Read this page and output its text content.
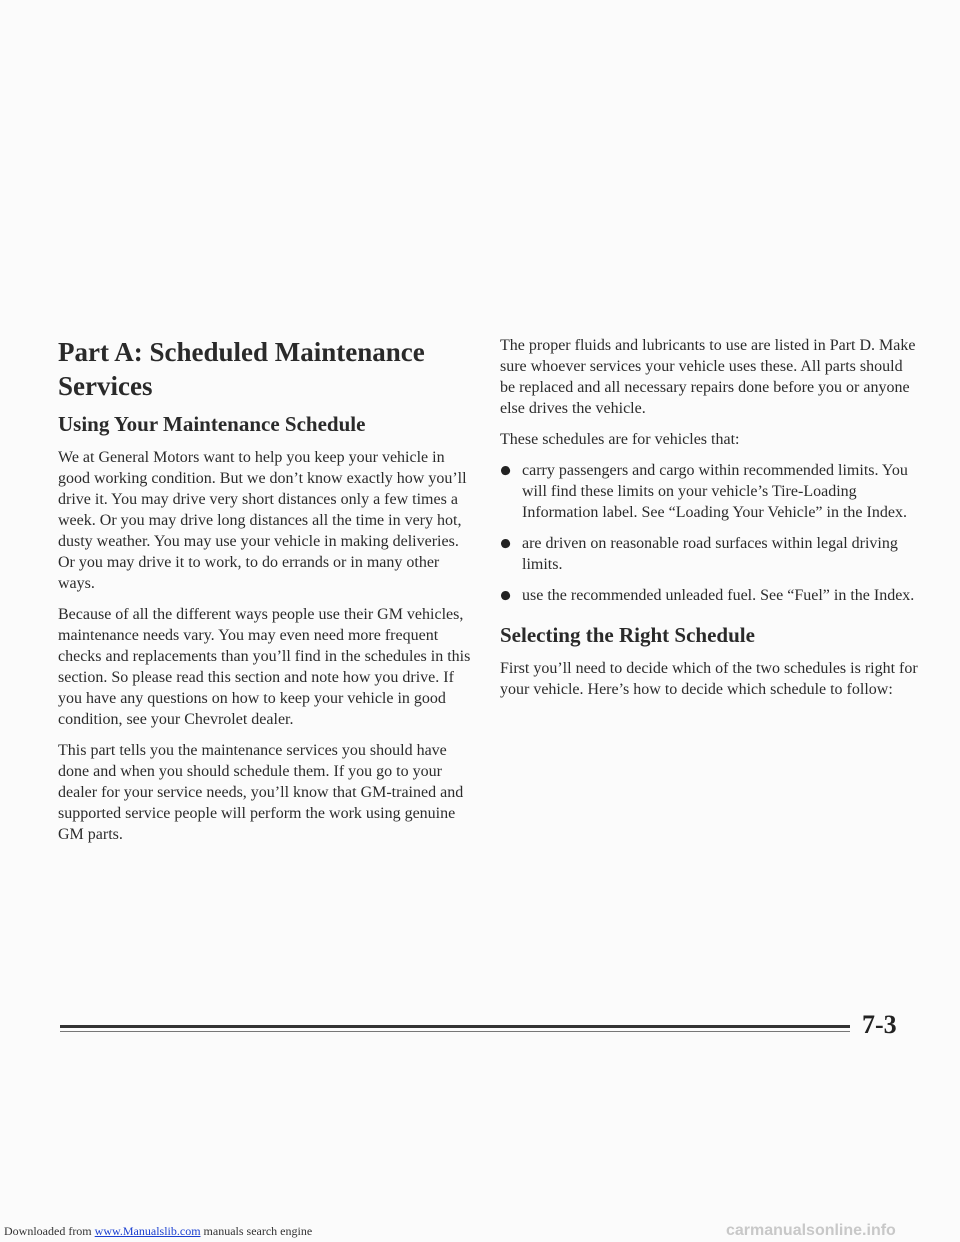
Part A: Scheduled Maintenance Services
Using Your Maintenance Schedule

We at General Motors want to help you keep your vehicle in good working condition. But we don’t know exactly how you’ll drive it. You may drive very short distances only a few times a week. Or you may drive long distances all the time in very hot, dusty weather. You may use your vehicle in making deliveries. Or you may drive it to work, to do errands or in many other ways.

Because of all the different ways people use their GM vehicles, maintenance needs vary. You may even need more frequent checks and replacements than you’ll find in the schedules in this section. So please read this section and note how you drive. If you have any questions on how to keep your vehicle in good condition, see your Chevrolet dealer.

This part tells you the maintenance services you should have done and when you should schedule them. If you go to your dealer for your service needs, you’ll know that GM-trained and supported service people will perform the work using genuine GM parts.

The proper fluids and lubricants to use are listed in Part D. Make sure whoever services your vehicle uses these. All parts should be replaced and all necessary repairs done before you or anyone else drives the vehicle.

These schedules are for vehicles that:

carry passengers and cargo within recommended limits. You will find these limits on your vehicle’s Tire-Loading Information label. See “Loading Your Vehicle” in the Index.
are driven on reasonable road surfaces within legal driving limits.
use the recommended unleaded fuel. See “Fuel” in the Index.
Selecting the Right Schedule

First you’ll need to decide which of the two schedules is right for your vehicle. Here’s how to decide which schedule to follow:

7-3
Downloaded from www.Manualslib.com manuals search engine	carmanualsonline.info
